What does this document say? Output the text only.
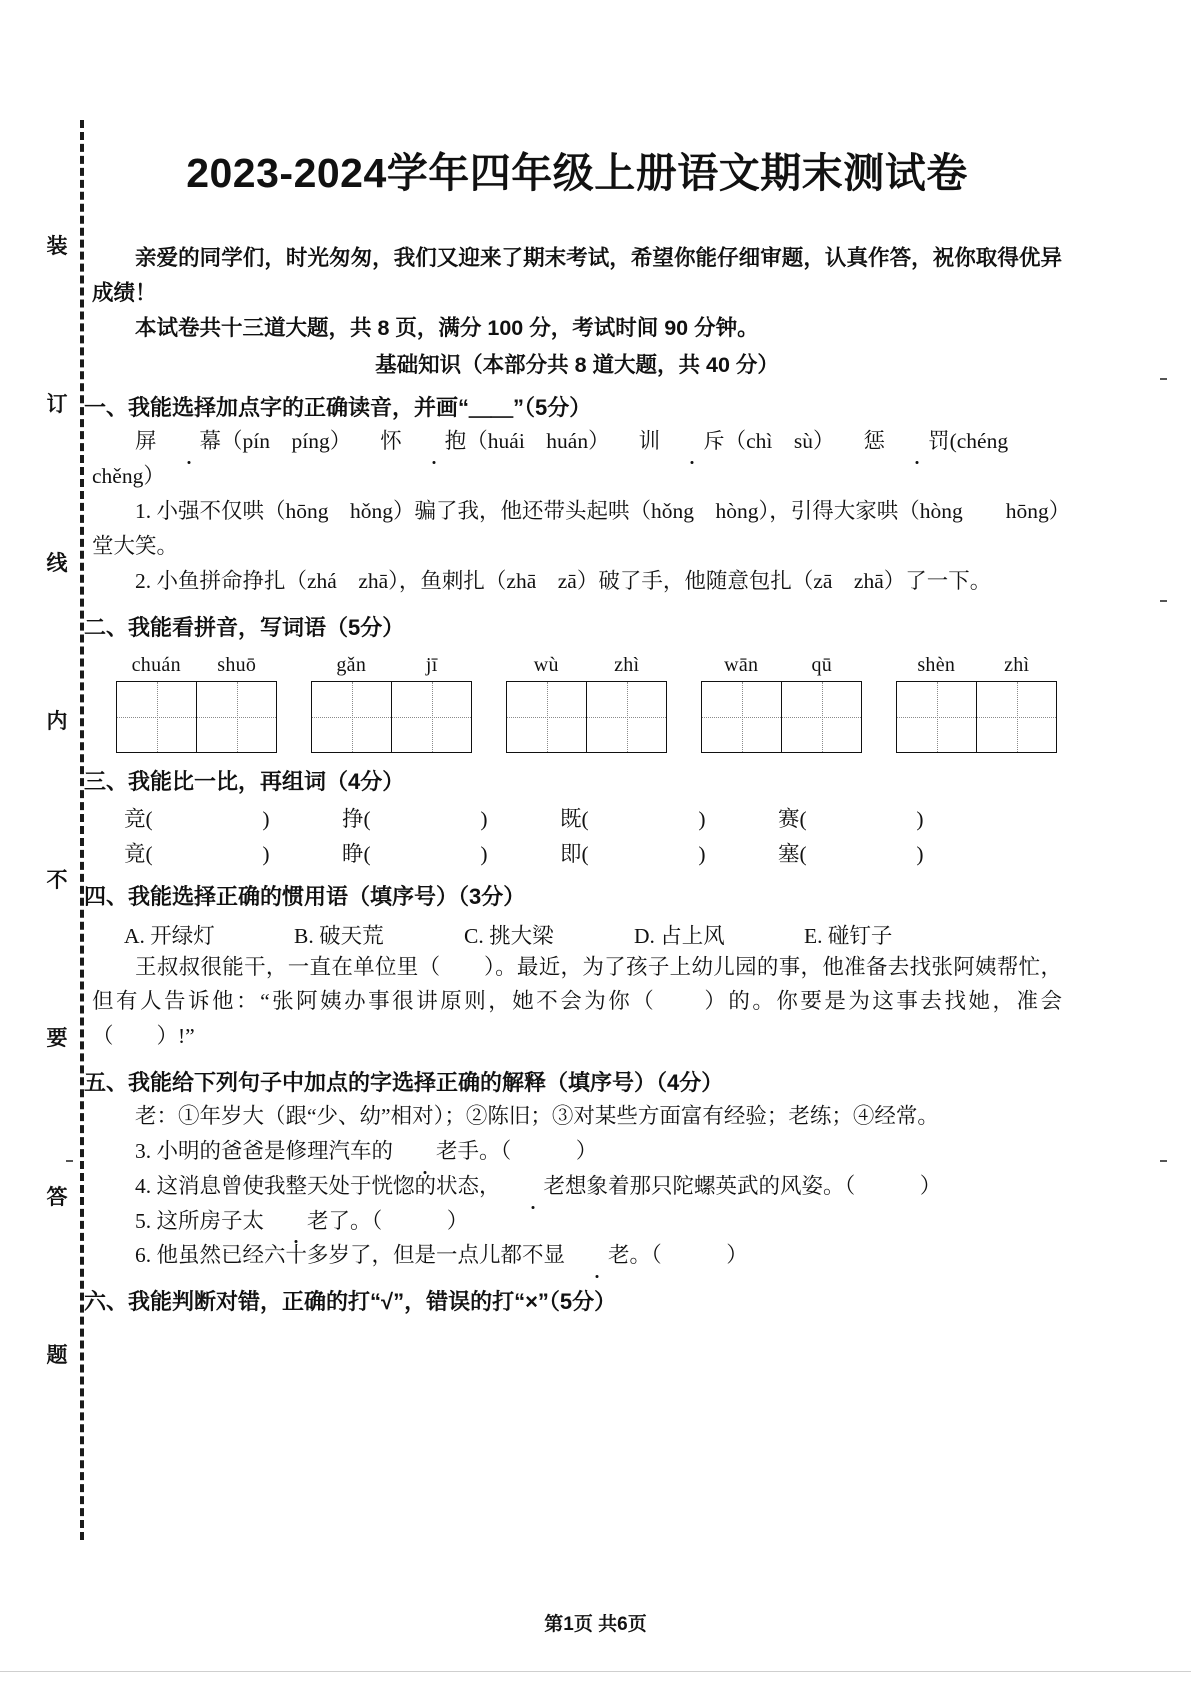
装
订
线
内
不
要
答
题
2023-2024学年四年级上册语文期末测试卷

亲爱的同学们，时光匆匆，我们又迎来了期末考试，希望你能仔细审题，认真作答，祝你取得优异成绩！

本试卷共十三道大题，共 8 页，满分 100 分，考试时间 90 分钟。

基础知识（本部分共 8 道大题，共 40 分）
一、我能选择加点字的正确读音，并画“＿＿”（5分）

屏 幕（pín　píng） 怀 抱（huái　huán） 训 斥（chì　sù） 惩 罚(chéng　chěng）

1. 小强不仅哄（hōng　hǒng）骗了我，他还带头起哄（hǒng　hòng），引得大家哄（hòng　　hōng）堂大笑。

2. 小鱼拼命挣扎（zhá　zhā），鱼刺扎（zhā　zā）破了手，他随意包扎（zā　zhā）了一下。

二、我能看拼音，写词语（5分）
chuán	shuō	gǎn	jī	wù	zhì	wān	qū	shèn	zhì
三、我能比一比，再组词（4分）
竞(	)	挣(	)	既(	)	赛(	)
竟(	)	睁(	)	即(	)	塞(	)
四、我能选择正确的惯用语（填序号）（3分）
A. 开绿灯	B. 破天荒	C. 挑大梁	D. 占上风	E. 碰钉子

王叔叔很能干，一直在单位里（　　）。最近，为了孩子上幼儿园的事，他准备去找张阿姨帮忙，但有人告诉他：“张阿姨办事很讲原则，她不会为你（　　）的。你要是为这事去找她，准会（　　）!”

五、我能给下列句子中加点的字选择正确的解释（填序号）（4分）

老：①年岁大（跟“少、幼”相对）；②陈旧；③对某些方面富有经验；老练；④经常。

3. 小明的爸爸是修理汽车的 老手。（　　　）

4. 这消息曾使我整天处于恍惚的状态， 老想象着那只陀螺英武的风姿。（　　　）

5. 这所房子太 老了。（　　　）

6. 他虽然已经六十多岁了，但是一点儿都不显 老。（　　　）

六、我能判断对错，正确的打“√”，错误的打“×”（5分）
第1页 共6页
